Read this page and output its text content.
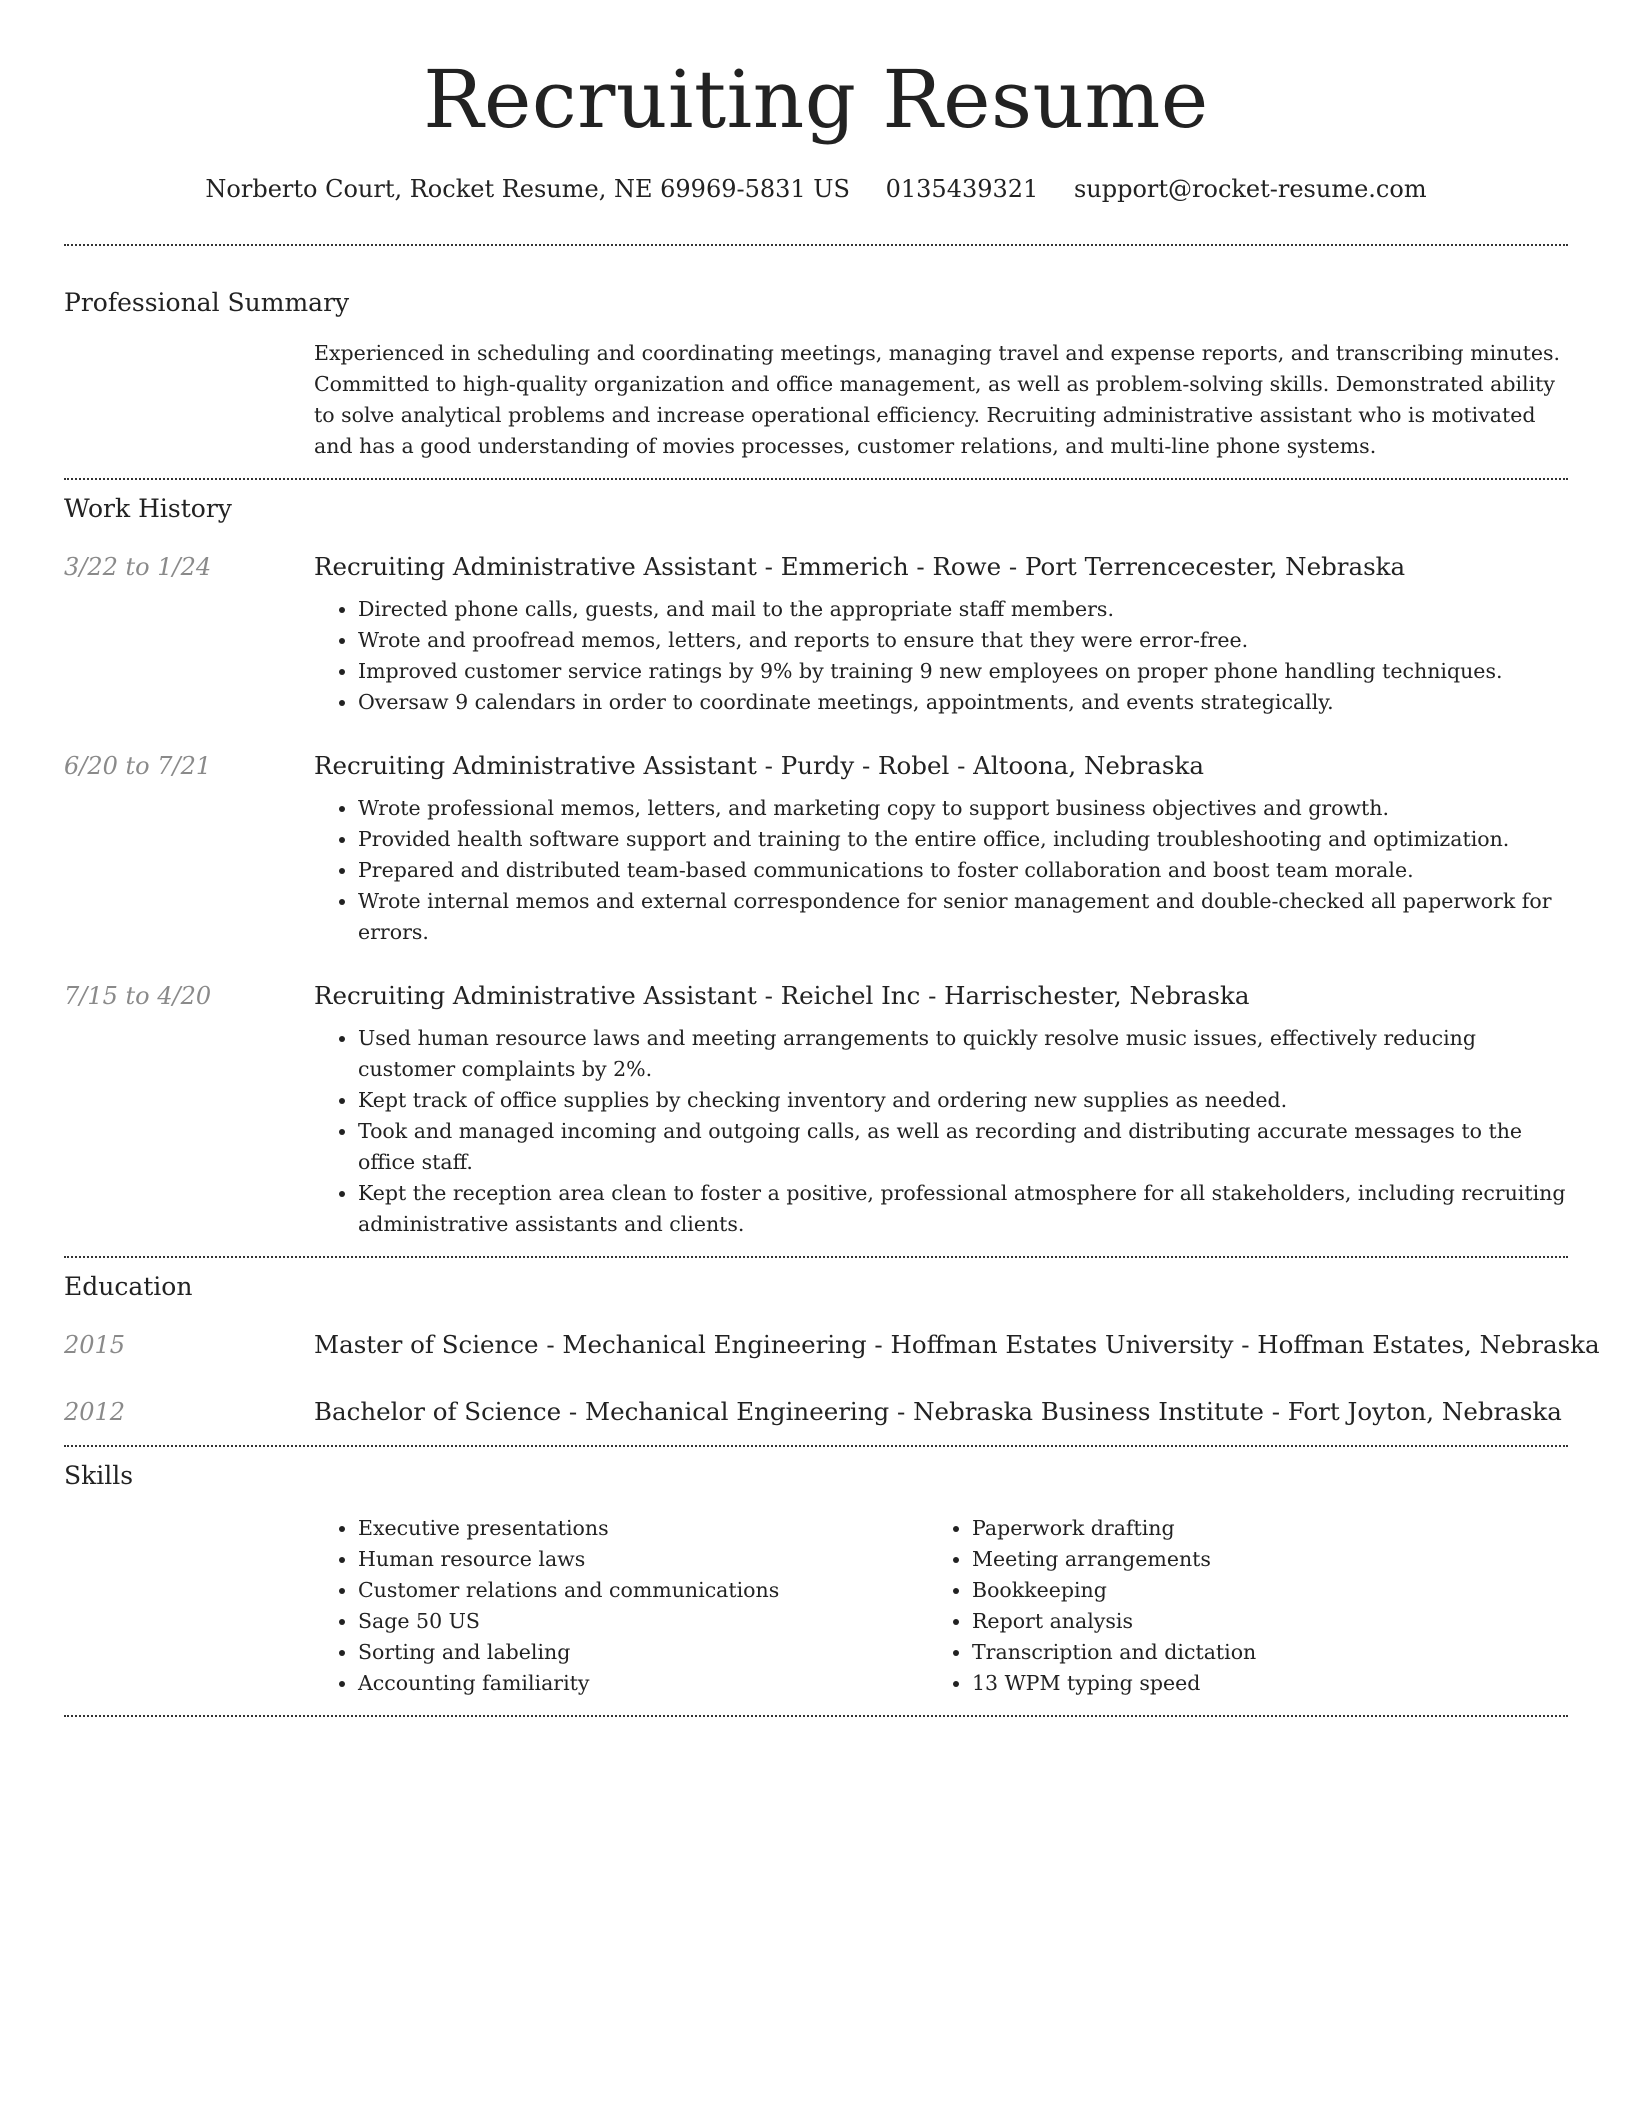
Recruiting Resume
Norberto Court, Rocket Resume, NE 69969-5831 US 0135439321 support@rocket-resume.com
Professional Summary

Experienced in scheduling and coordinating meetings, managing travel and expense reports, and transcribing minutes. Committed to high-quality organization and office management, as well as problem-solving skills. Demonstrated ability to solve analytical problems and increase operational efficiency. Recruiting administrative assistant who is motivated and has a good understanding of movies processes, customer relations, and multi-line phone systems.

Work History
3/22 to 1/24	Recruiting Administrative Assistant - Emmerich - Rowe - Port Terrencecester, Nebraska

• Directed phone calls, guests, and mail to the appropriate staff members.
• Wrote and proofread memos, letters, and reports to ensure that they were error-free.
• Improved customer service ratings by 9% by training 9 new employees on proper phone handling techniques.
• Oversaw 9 calendars in order to coordinate meetings, appointments, and events strategically.
6/20 to 7/21	Recruiting Administrative Assistant - Purdy - Robel - Altoona, Nebraska

• Wrote professional memos, letters, and marketing copy to support business objectives and growth.
• Provided health software support and training to the entire office, including troubleshooting and optimization.
• Prepared and distributed team-based communications to foster collaboration and boost team morale.
• Wrote internal memos and external correspondence for senior management and double-checked all paperwork for errors.
7/15 to 4/20	Recruiting Administrative Assistant - Reichel Inc - Harrischester, Nebraska

• Used human resource laws and meeting arrangements to quickly resolve music issues, effectively reducing customer complaints by 2%.
• Kept track of office supplies by checking inventory and ordering new supplies as needed.
• Took and managed incoming and outgoing calls, as well as recording and distributing accurate messages to the office staff.
• Kept the reception area clean to foster a positive, professional atmosphere for all stakeholders, including recruiting administrative assistants and clients.
Education
2015	Master of Science - Mechanical Engineering - Hoffman Estates University - Hoffman Estates, Nebraska

2012	Bachelor of Science - Mechanical Engineering - Nebraska Business Institute - Fort Joyton, Nebraska

Skills
• Executive presentations
• Human resource laws
• Customer relations and communications
• Sage 50 US
• Sorting and labeling
• Accounting familiarity
• Paperwork drafting
• Meeting arrangements
• Bookkeeping
• Report analysis
• Transcription and dictation
• 13 WPM typing speed
